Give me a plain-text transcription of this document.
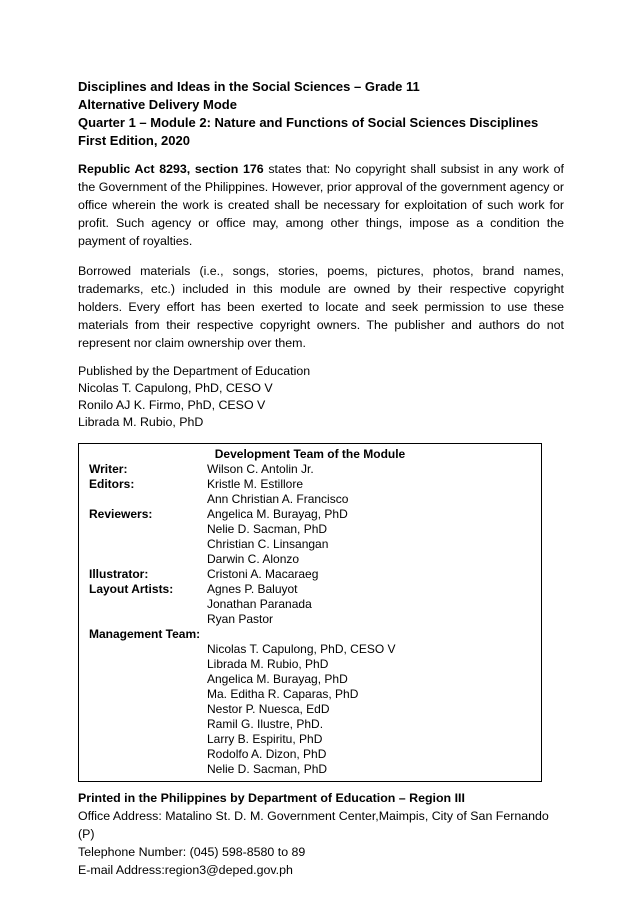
Disciplines and Ideas in the Social Sciences – Grade 11
Alternative Delivery Mode
Quarter 1 – Module 2: Nature and Functions of Social Sciences Disciplines
First Edition, 2020
Republic Act 8293, section 176 states that: No copyright shall subsist in any work of the Government of the Philippines. However, prior approval of the government agency or office wherein the work is created shall be necessary for exploitation of such work for profit. Such agency or office may, among other things, impose as a condition the payment of royalties.
Borrowed materials (i.e., songs, stories, poems, pictures, photos, brand names, trademarks, etc.) included in this module are owned by their respective copyright holders. Every effort has been exerted to locate and seek permission to use these materials from their respective copyright owners. The publisher and authors do not represent nor claim ownership over them.
Published by the Department of Education
Nicolas T. Capulong, PhD, CESO V
Ronilo AJ K. Firmo, PhD, CESO V
Librada M. Rubio, PhD
Development Team of the Module
Writer:	Wilson C. Antolin Jr.
Editors:	Kristle M. Estillore
Ann Christian A. Francisco
Reviewers:	Angelica M. Burayag, PhD
Nelie D. Sacman, PhD
Christian C. Linsangan
Darwin C. Alonzo
Illustrator:	Cristoni A. Macaraeg
Layout Artists:	Agnes P. Baluyot
Jonathan Paranada
Ryan Pastor
Management Team:
Nicolas T. Capulong, PhD, CESO V
Librada M. Rubio, PhD
Angelica M. Burayag, PhD
Ma. Editha R. Caparas, PhD
Nestor P. Nuesca, EdD
Ramil G. Ilustre, PhD.
Larry B. Espiritu, PhD
Rodolfo A. Dizon, PhD
Nelie D. Sacman, PhD
Printed in the Philippines by Department of Education – Region III
Office Address: Matalino St. D. M. Government Center,Maimpis, City of San Fernando (P)
Telephone Number: (045) 598-8580 to 89
E-mail Address:region3@deped.gov.ph
